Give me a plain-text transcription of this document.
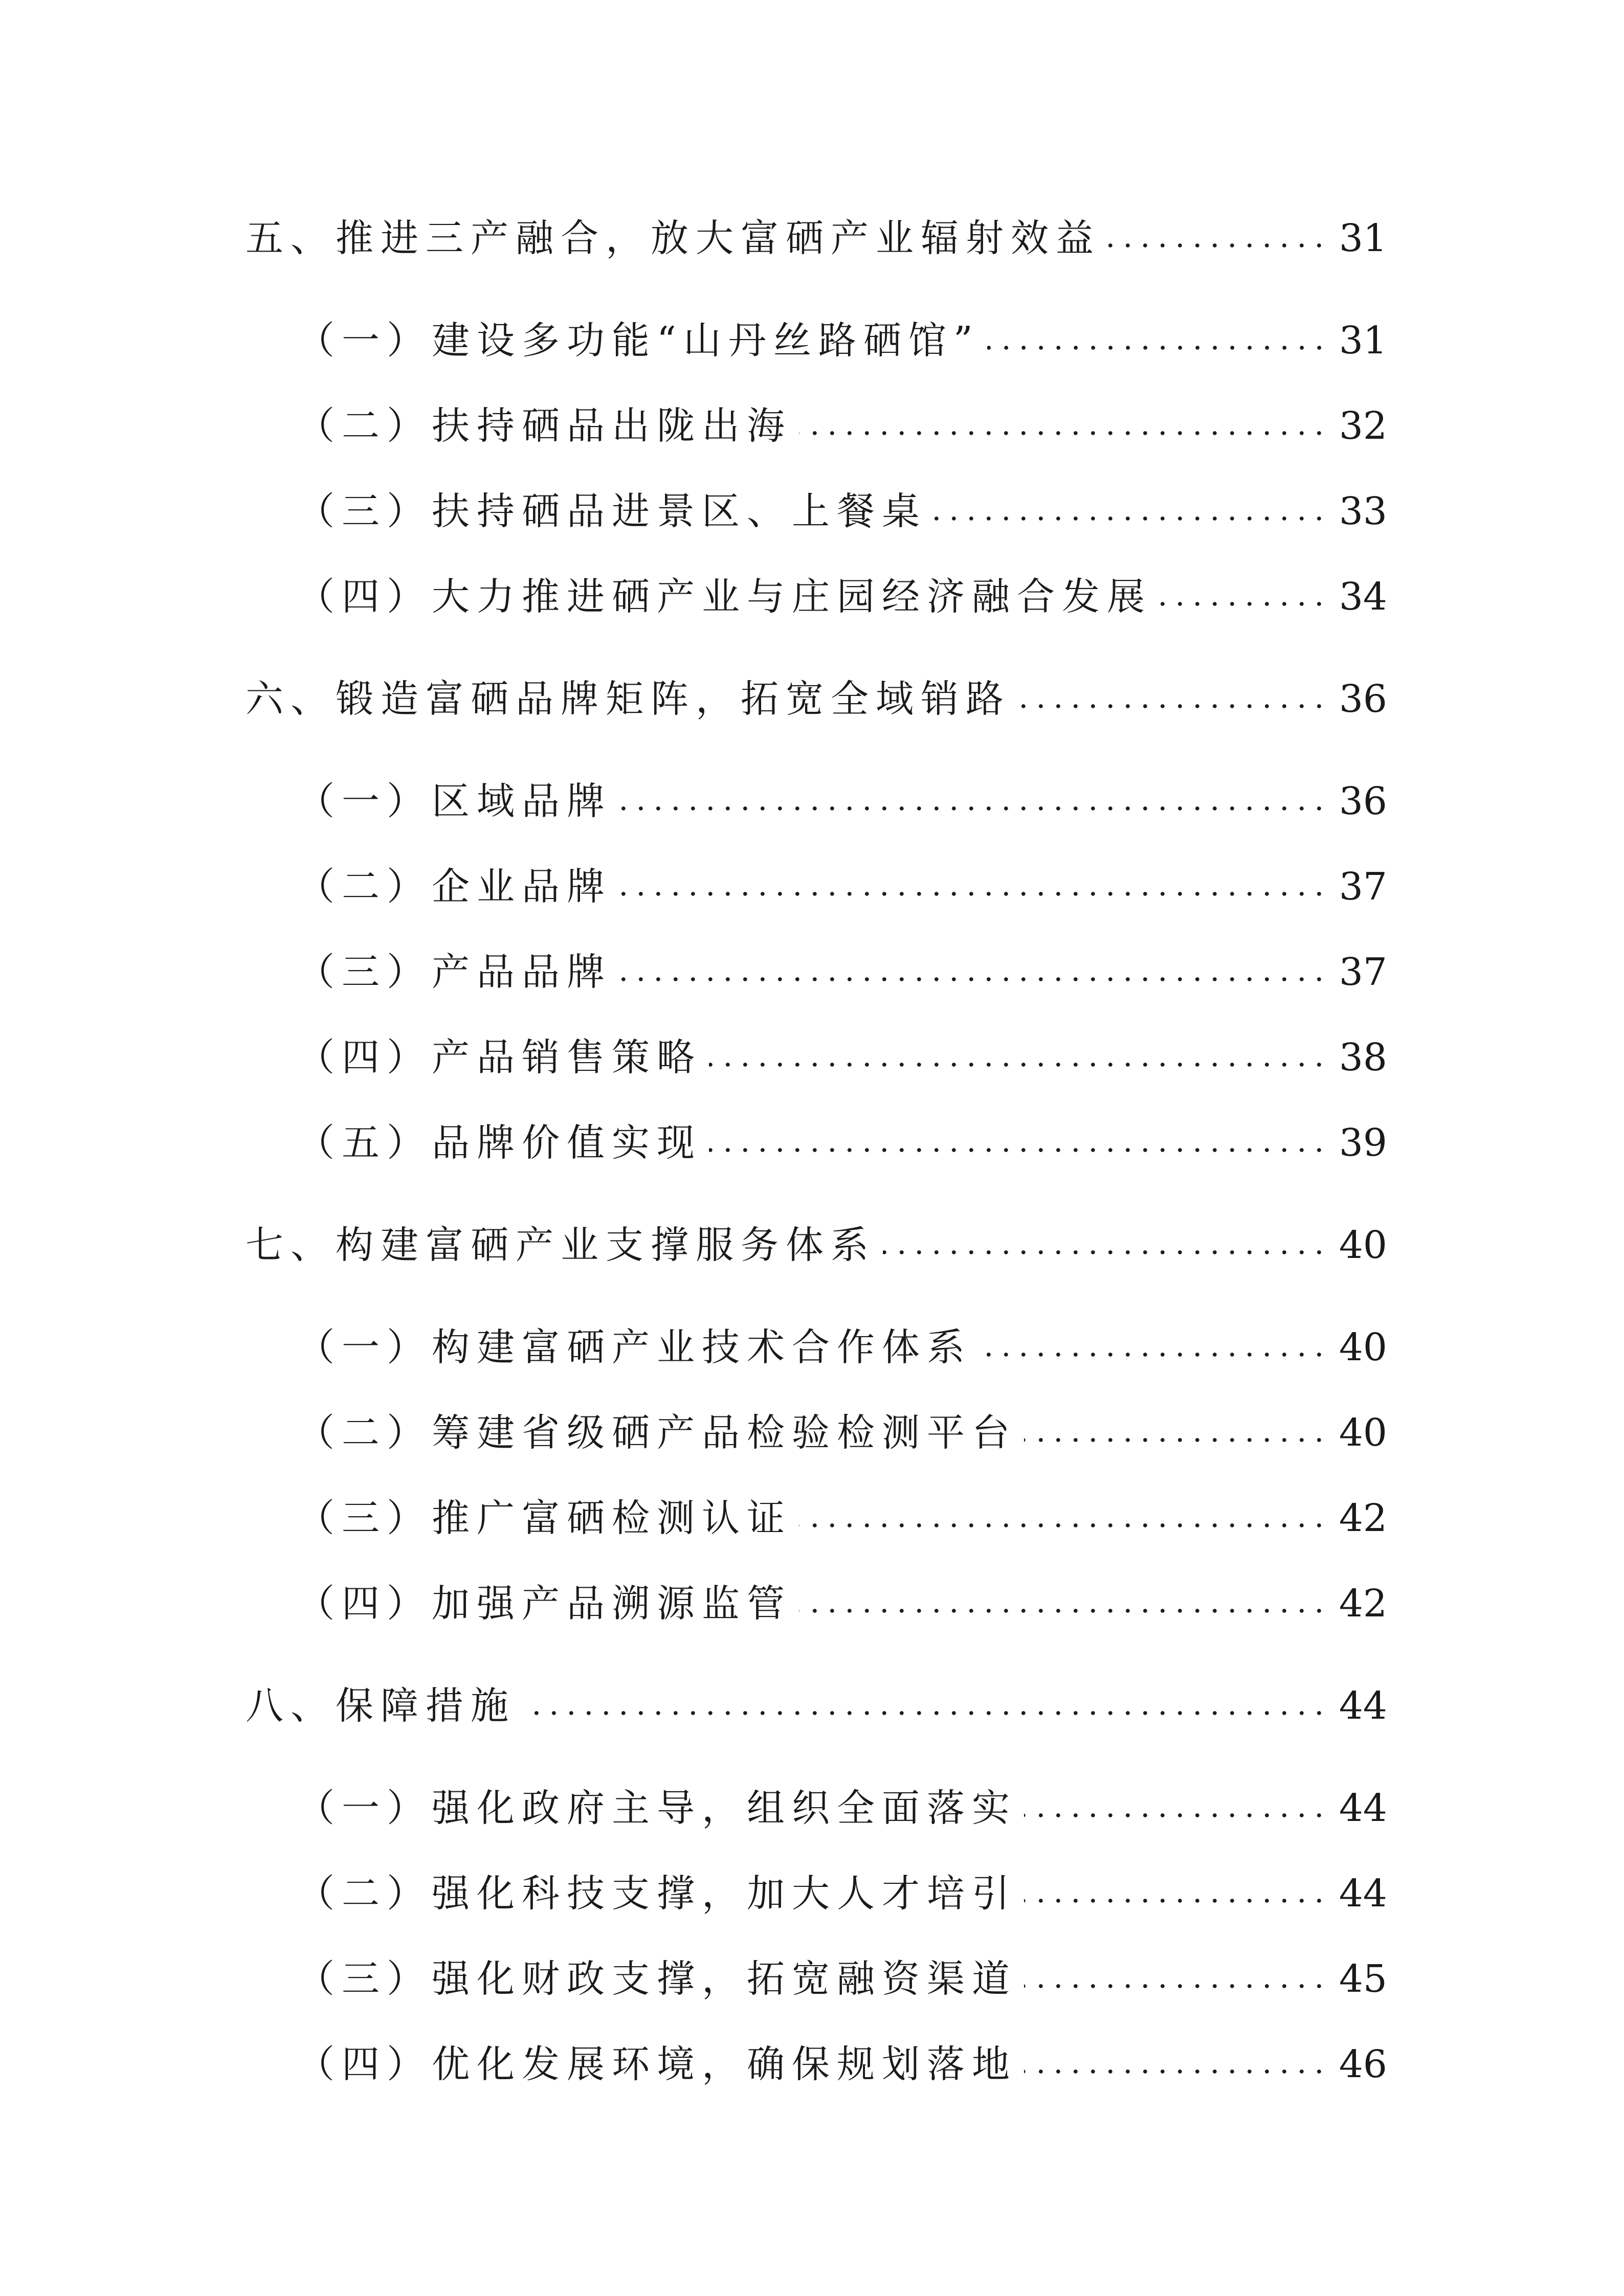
五、推进三产融合，放大富硒产业辐射效益	31
（一）建设多功能“山丹丝路硒馆”	31
（二）扶持硒品出陇出海	32
（三）扶持硒品进景区、上餐桌	33
（四）大力推进硒产业与庄园经济融合发展	34
六、锻造富硒品牌矩阵，拓宽全域销路	36
（一）区域品牌	36
（二）企业品牌	37
（三）产品品牌	37
（四）产品销售策略	38
（五）品牌价值实现	39
七、构建富硒产业支撑服务体系	40
（一）构建富硒产业技术合作体系	40
（二）筹建省级硒产品检验检测平台	40
（三）推广富硒检测认证	42
（四）加强产品溯源监管	42
八、保障措施	44
（一）强化政府主导，组织全面落实	44
（二）强化科技支撑，加大人才培引	44
（三）强化财政支撑，拓宽融资渠道	45
（四）优化发展环境，确保规划落地	46
